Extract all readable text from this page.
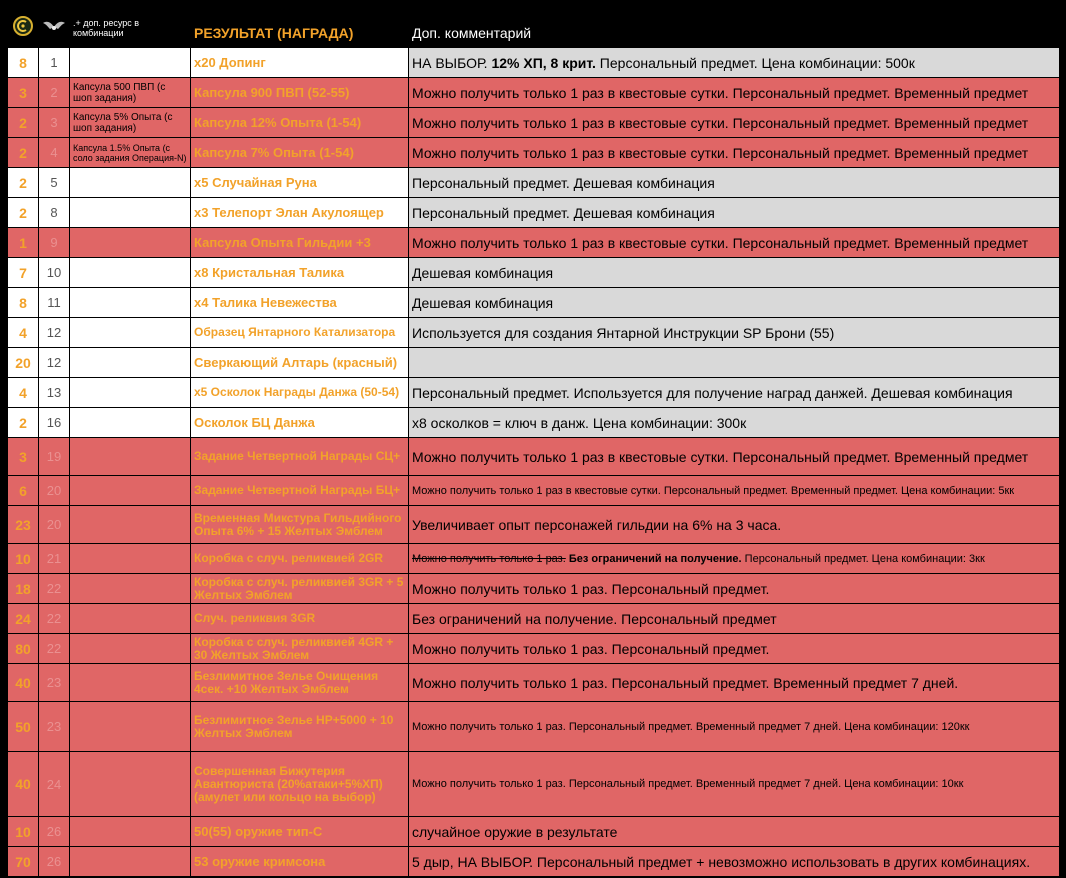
		.+ доп. ресурс в комбинации	РЕЗУЛЬТАТ (НАГРАДА)	Доп. комментарий
8	1		x20 Допинг	НА ВЫБОР. 12% ХП, 8 крит. Персональный предмет. Цена комбинации: 500к
3	2	Капсула 500 ПВП (с шоп задания)	Капсула 900 ПВП (52-55)	Можно получить только 1 раз в квестовые сутки. Персональный предмет. Временный предмет
2	3	Капсула 5% Опыта (с шоп задания)	Капсула 12% Опыта (1-54)	Можно получить только 1 раз в квестовые сутки. Персональный предмет. Временный предмет
2	4	Капсула 1.5% Опыта (с соло задания Операция-N)	Капсула 7% Опыта (1-54)	Можно получить только 1 раз в квестовые сутки. Персональный предмет. Временный предмет
2	5		x5 Случайная Руна	Персональный предмет. Дешевая комбинация
2	8		x3 Телепорт Элан Акулоящер	Персональный предмет. Дешевая комбинация
1	9		Капсула Опыта Гильдии +3	Можно получить только 1 раз в квестовые сутки. Персональный предмет. Временный предмет
7	10		x8 Кристальная Талика	Дешевая комбинация
8	11		x4 Талика Невежества	Дешевая комбинация
4	12		Образец Янтарного Катализатора	Используется для создания Янтарной Инструкции SP Брони (55)
20	12		Сверкающий Алтарь (красный)	
4	13		x5 Осколок Награды Данжа (50-54)	Персональный предмет. Используется для получение наград данжей. Дешевая комбинация
2	16		Осколок БЦ Данжа	x8 осколков = ключ в данж. Цена комбинации: 300к
3	19		Задание Четвертной Награды СЦ+	Можно получить только 1 раз в квестовые сутки. Персональный предмет. Временный предмет
6	20		Задание Четвертной Награды БЦ+	Можно получить только 1 раз в квестовые сутки. Персональный предмет. Временный предмет. Цена комбинации: 5кк
23	20		Временная Микстура Гильдийного Опыта 6% + 15 Желтых Эмблем	Увеличивает опыт персонажей гильдии на 6% на 3 часа.
10	21		Коробка с случ. реликвией 2GR	Можно получить только 1 раз. Без ограничений на получение. Персональный предмет. Цена комбинации: 3кк
18	22		Коробка с случ. реликвией 3GR + 5 Желтых Эмблем	Можно получить только 1 раз. Персональный предмет.
24	22		Случ. реликвия 3GR	Без ограничений на получение. Персональный предмет
80	22		Коробка с случ. реликвией 4GR + 30 Желтых Эмблем	Можно получить только 1 раз. Персональный предмет.
40	23		Безлимитное Зелье Очищения 4сек. +10 Желтых Эмблем	Можно получить только 1 раз. Персональный предмет. Временный предмет 7 дней.
50	23		Безлимитное Зелье HP+5000 + 10 Желтых Эмблем	Можно получить только 1 раз. Персональный предмет. Временный предмет 7 дней. Цена комбинации: 120кк
40	24		Совершенная Бижутерия Авантюриста (20%атаки+5%ХП)(амулет или кольцо на выбор)	Можно получить только 1 раз. Персональный предмет. Временный предмет 7 дней. Цена комбинации: 10кк
10	26		50(55) оружие тип-С	случайное оружие в результате
70	26		53 оружие кримсона	5 дыр, НА ВЫБОР. Персональный предмет + невозможно использовать в других комбинациях.
